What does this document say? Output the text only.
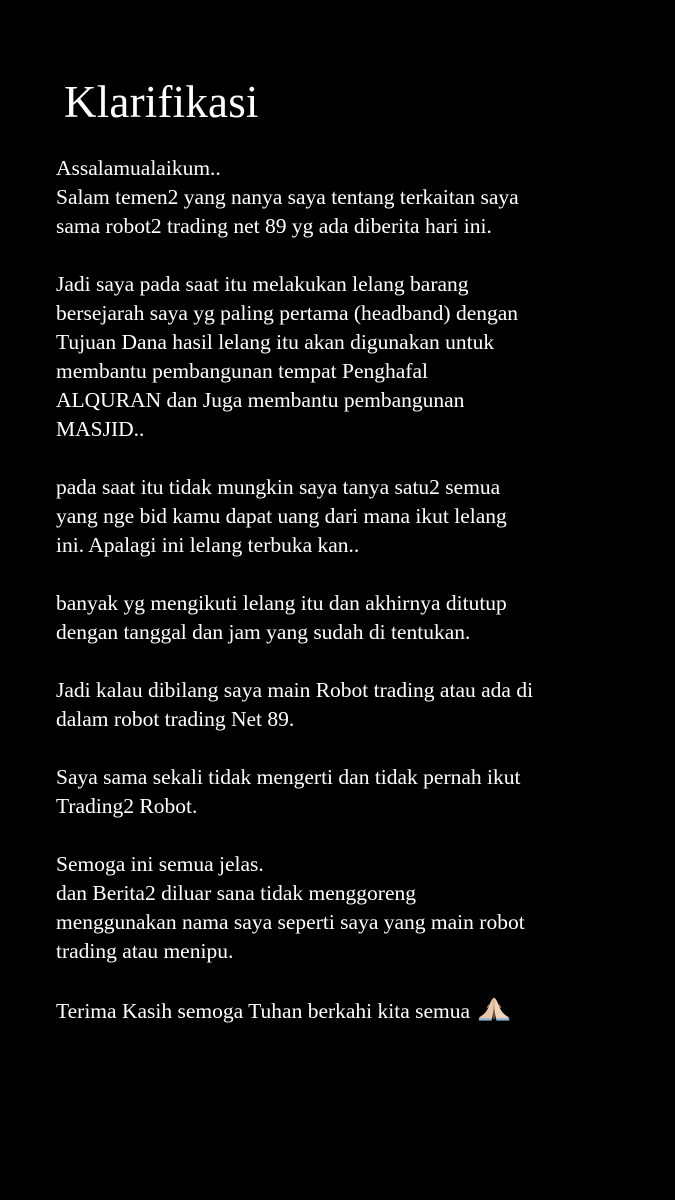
Klarifikasi

Assalamualaikum..
Salam temen2 yang nanya saya tentang terkaitan saya
sama robot2 trading net 89 yg ada diberita hari ini.

Jadi saya pada saat itu melakukan lelang barang
bersejarah saya yg paling pertama (headband) dengan
Tujuan Dana hasil lelang itu akan digunakan untuk
membantu pembangunan tempat Penghafal
ALQURAN dan Juga membantu pembangunan
MASJID..

pada saat itu tidak mungkin saya tanya satu2 semua
yang nge bid kamu dapat uang dari mana ikut lelang
ini. Apalagi ini lelang terbuka kan..

banyak yg mengikuti lelang itu dan akhirnya ditutup
dengan tanggal dan jam yang sudah di tentukan.

Jadi kalau dibilang saya main Robot trading atau ada di
dalam robot trading Net 89.

Saya sama sekali tidak mengerti dan tidak pernah ikut
Trading2 Robot.

Semoga ini semua jelas.
dan Berita2 diluar sana tidak menggoreng
menggunakan nama saya seperti saya yang main robot
trading atau menipu.

Terima Kasih semoga Tuhan berkahi kita semua
